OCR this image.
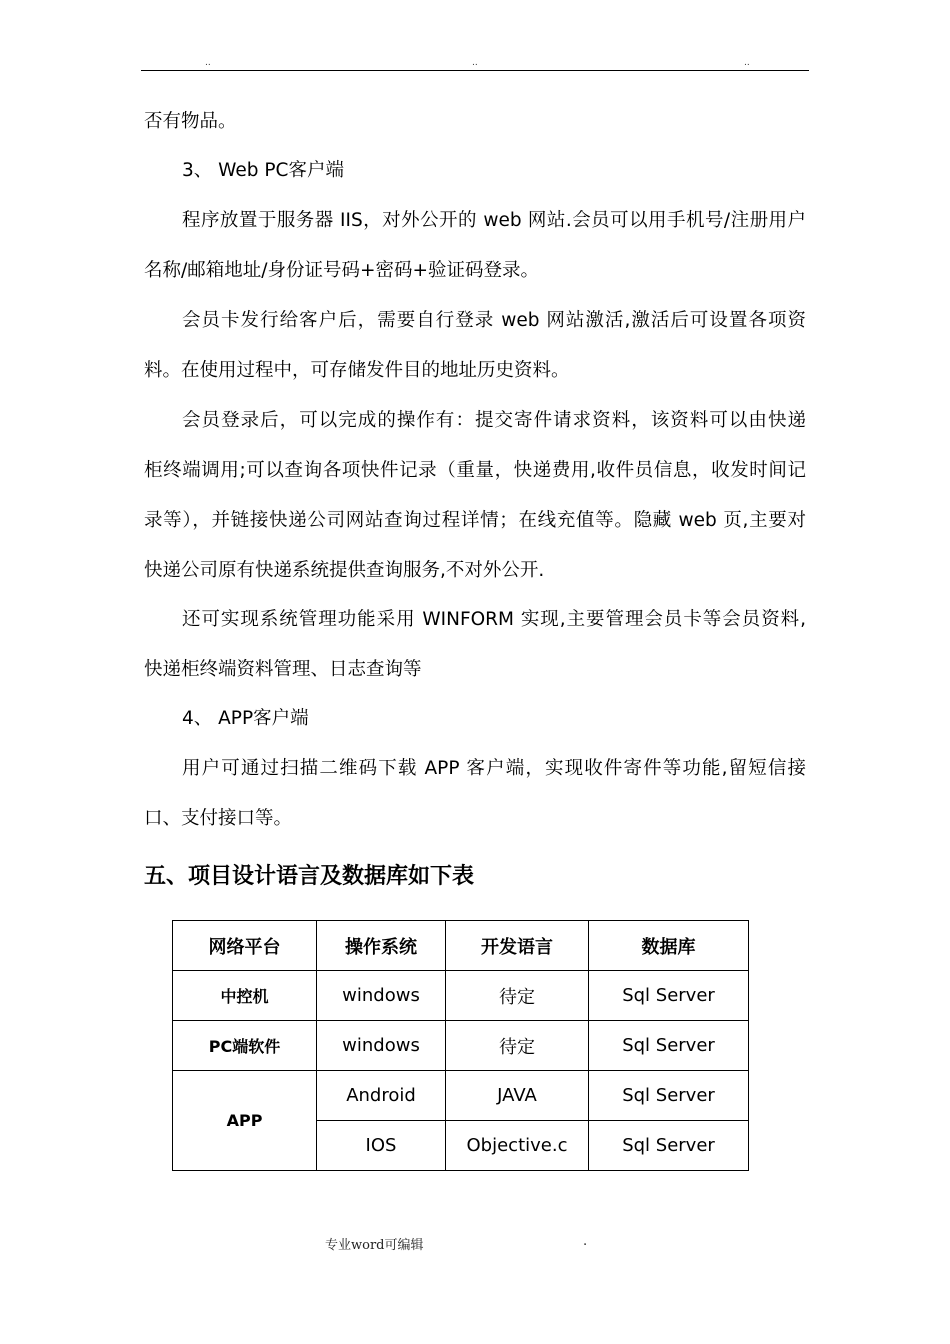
..	..	..
否有物品。
3、 Web PC客户端
程序放置于服务器 IIS，对外公开的 web 网站.会员可以用手机号/注册用户
名称/邮箱地址/身份证号码+密码+验证码登录。
会员卡发行给客户后，需要自行登录 web 网站激活,激活后可设置各项资
料。在使用过程中，可存储发件目的地址历史资料。
会员登录后，可以完成的操作有：提交寄件请求资料，该资料可以由快递
柜终端调用;可以查询各项快件记录（重量，快递费用,收件员信息，收发时间记
录等），并链接快递公司网站查询过程详情；在线充值等。隐藏 web 页,主要对
快递公司原有快递系统提供查询服务,不对外公开.
还可实现系统管理功能采用 WINFORM 实现,主要管理会员卡等会员资料,
快递柜终端资料管理、日志查询等
4、 APP客户端
用户可通过扫描二维码下载 APP 客户端，实现收件寄件等功能,留短信接
口、支付接口等。
五、项目设计语言及数据库如下表
网络平台	操作系统	开发语言	数据库
中控机	windows	待定	Sql Server
PC端软件	windows	待定	Sql Server
APP	Android	JAVA	Sql Server
	IOS	Objective.c	Sql Server
专业word可编辑	.
